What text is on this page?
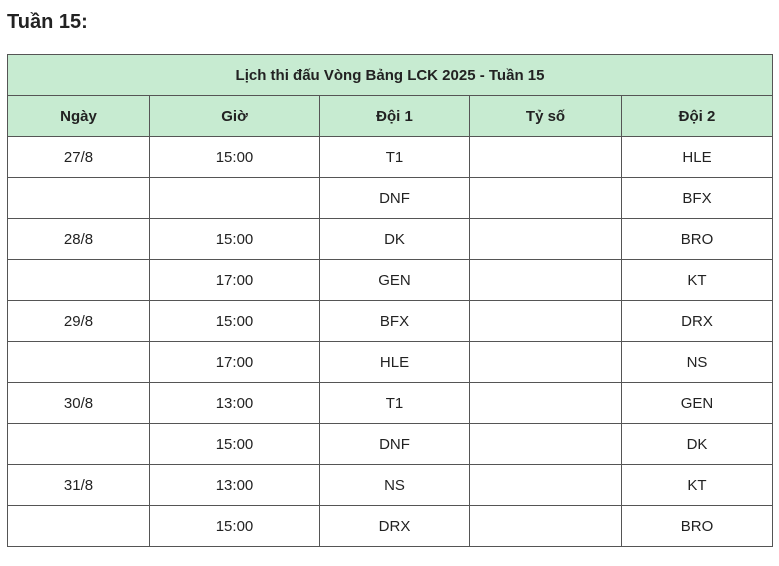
Tuần 15:
Lịch thi đấu Vòng Bảng LCK 2025 - Tuần 15				
Ngày	Giờ	Đội 1	Tỷ số	Đội 2
27/8	15:00	T1		HLE
		DNF		BFX
28/8	15:00	DK		BRO
	17:00	GEN		KT
29/8	15:00	BFX		DRX
	17:00	HLE		NS
30/8	13:00	T1		GEN
	15:00	DNF		DK
31/8	13:00	NS		KT
	15:00	DRX		BRO
